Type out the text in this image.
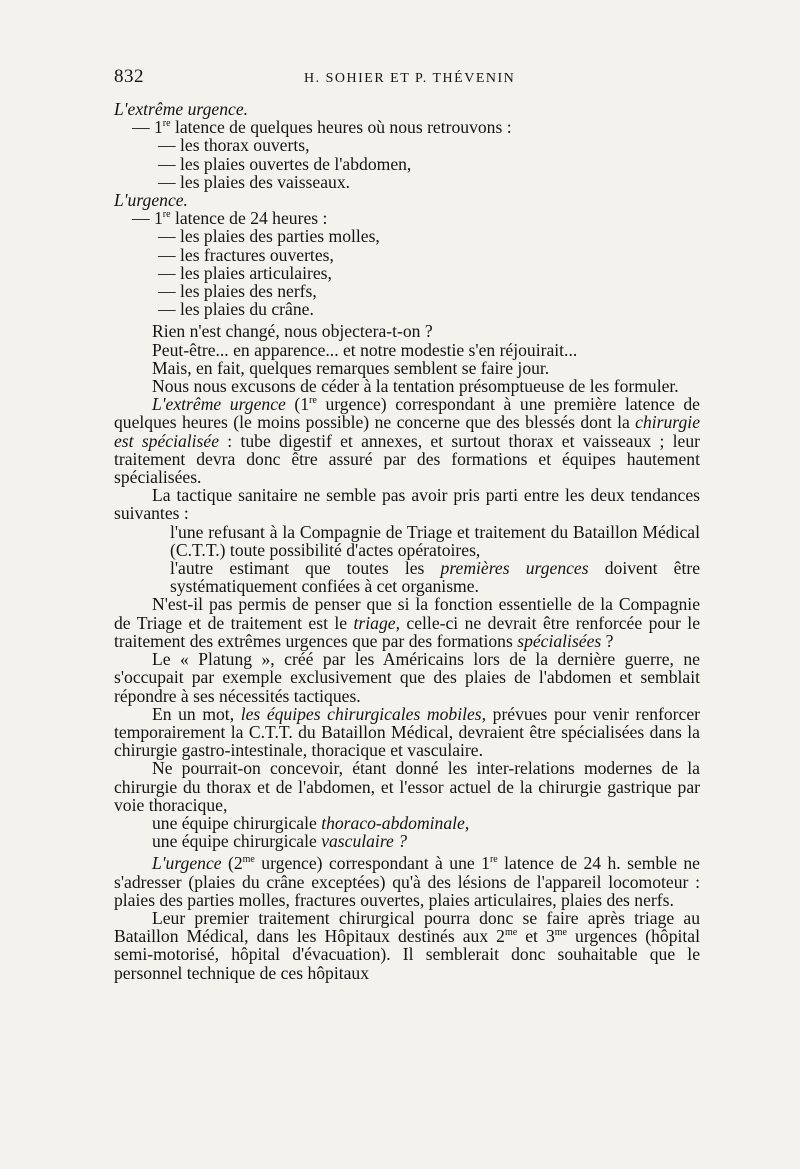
832	H. SOHIER ET P. THÉVENIN

L'extrême urgence.

— 1re latence de quelques heures où nous retrouvons :

— les thorax ouverts,

— les plaies ouvertes de l'abdomen,

— les plaies des vaisseaux.

L'urgence.

— 1re latence de 24 heures :

— les plaies des parties molles,

— les fractures ouvertes,

— les plaies articulaires,

— les plaies des nerfs,

— les plaies du crâne.

Rien n'est changé, nous objectera-t-on ?

Peut-être... en apparence... et notre modestie s'en réjouirait...

Mais, en fait, quelques remarques semblent se faire jour.

Nous nous excusons de céder à la tentation présomptueuse de les formuler.

L'extrême urgence (1re urgence) correspondant à une première latence de quelques heures (le moins possible) ne concerne que des blessés dont la chirurgie est spécialisée : tube digestif et annexes, et surtout thorax et vaisseaux ; leur traitement devra donc être assuré par des formations et équipes hautement spécialisées.

La tactique sanitaire ne semble pas avoir pris parti entre les deux tendances suivantes :

l'une refusant à la Compagnie de Triage et traitement du Bataillon Médical (C.T.T.) toute possibilité d'actes opératoires,

l'autre estimant que toutes les premières urgences doivent être systématiquement confiées à cet organisme.

N'est-il pas permis de penser que si la fonction essentielle de la Compagnie de Triage et de traitement est le triage, celle-ci ne devrait être renforcée pour le traitement des extrêmes urgences que par des formations spécialisées ?

Le « Platung », créé par les Américains lors de la dernière guerre, ne s'occupait par exemple exclusivement que des plaies de l'abdomen et semblait répondre à ses nécessités tactiques.

En un mot, les équipes chirurgicales mobiles, prévues pour venir renforcer temporairement la C.T.T. du Bataillon Médical, devraient être spécialisées dans la chirurgie gastro-intestinale, thoracique et vasculaire.

Ne pourrait-on concevoir, étant donné les inter-relations modernes de la chirurgie du thorax et de l'abdomen, et l'essor actuel de la chirurgie gastrique par voie thoracique,

une équipe chirurgicale thoraco-abdominale,

une équipe chirurgicale vasculaire ?

L'urgence ($2^{me}$ urgence) correspondant à une 1re latence de 24 h. semble ne s'adresser (plaies du crâne exceptées) qu'à des lésions de l'appareil locomoteur : plaies des parties molles, fractures ouvertes, plaies articulaires, plaies des nerfs.

Leur premier traitement chirurgical pourra donc se faire après triage au Bataillon Médical, dans les Hôpitaux destinés aux $2^{me}$ et $3^{me}$ urgences (hôpital semi-motorisé, hôpital d'évacuation). Il semblerait donc souhaitable que le personnel technique de ces hôpitaux
